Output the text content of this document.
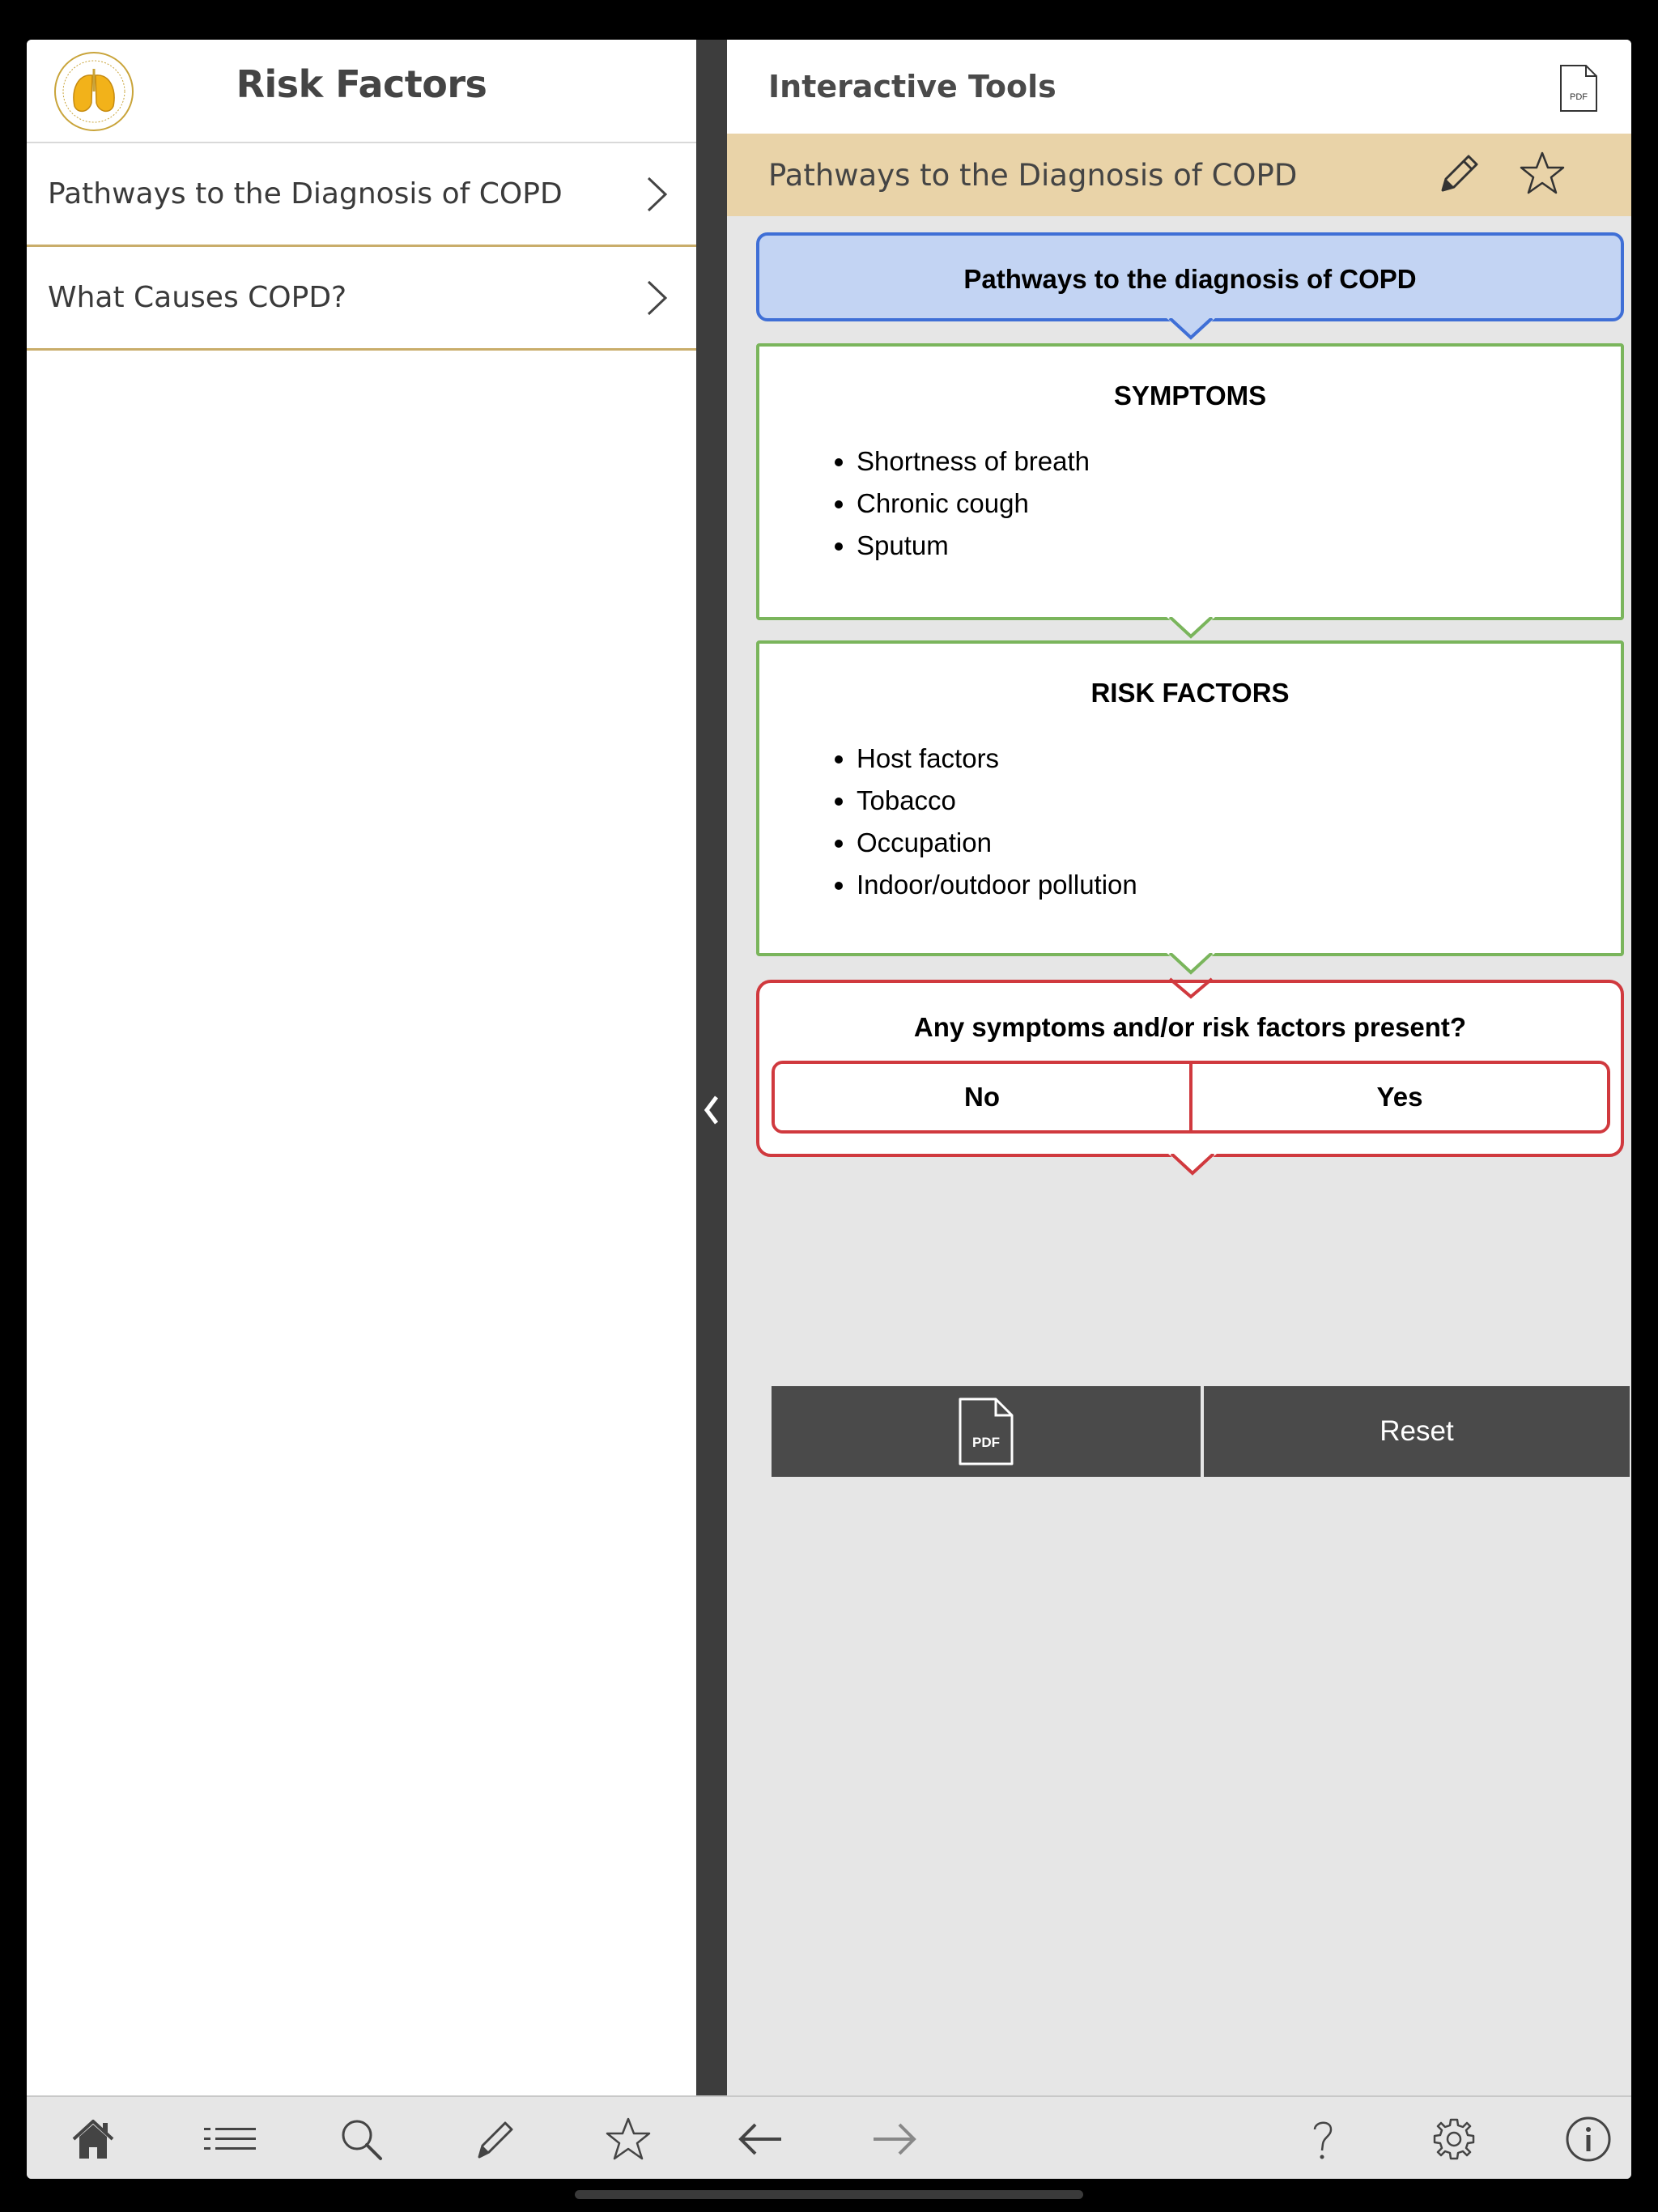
Risk Factors
Pathways to the Diagnosis of COPD
What Causes COPD?
Interactive Tools	PDF
Pathways to the Diagnosis of COPD
Pathways to the diagnosis of COPD
SYMPTOMS
• Shortness of breath
• Chronic cough
• Sputum
RISK FACTORS
• Host factors
• Tobacco
• Occupation
• Indoor/outdoor pollution
Any symptoms and/or risk factors present?
No	Yes
PDF	Reset
